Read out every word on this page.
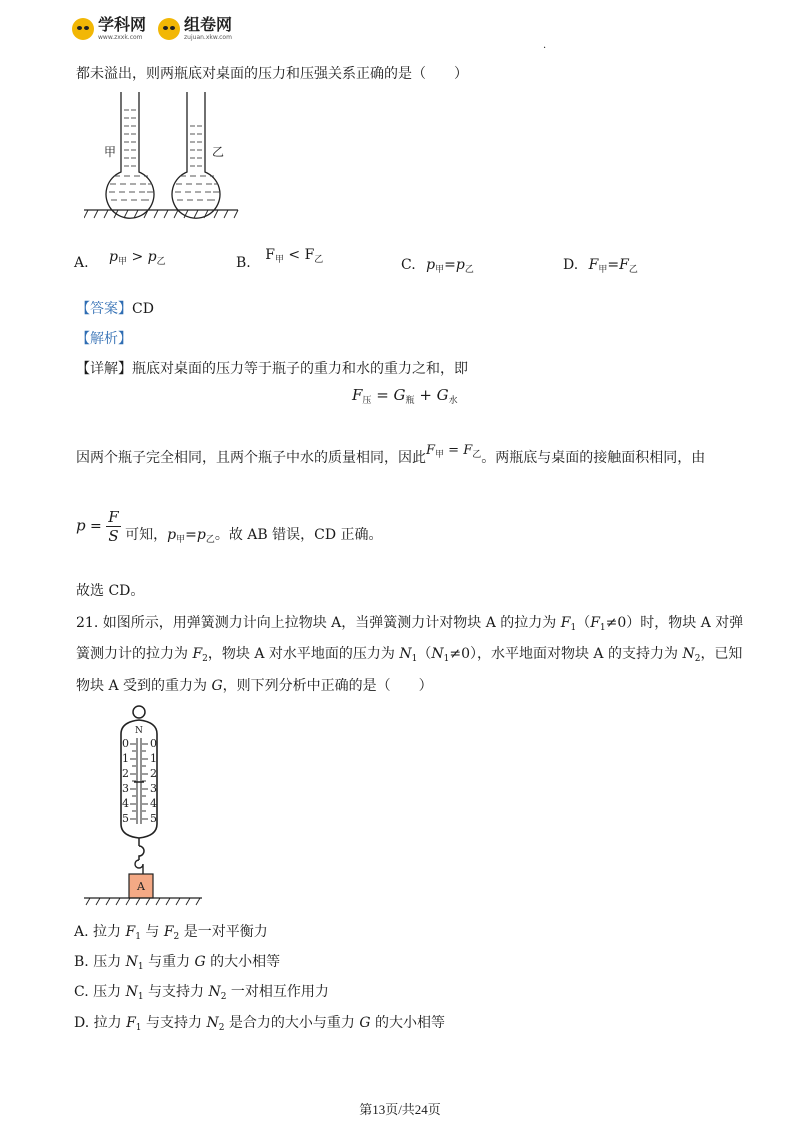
学科网
www.zxxk.com
组卷网
zujuan.xkw.com
.
都未溢出，则两瓶底对桌面的压力和压强关系正确的是（　　）
甲	乙
A. $p_甲 > p_乙$	B. $F_甲 < F_乙$	C. $p_甲=p_乙$	D. $F_甲=F_乙$
【答案】CD
【解析】
【详解】瓶底对桌面的压力等于瓶子的重力和水的重力之和，即
$F_压 = G_瓶 + G_水$
因两个瓶子完全相同，且两个瓶子中水的质量相同，因此$F_甲 = F_乙$。两瓶底与桌面的接触面积相同，由
$p = \frac{F}{S}$ 可知，$p_甲=p_乙$。故 AB 错误，CD 正确。
故选 CD。
21. 如图所示，用弹簧测力计向上拉物块 A，当弹簧测力计对物块 A 的拉力为 $F_1(F_1\ne 0)$时，物块 A 对弹
簧测力计的拉力为 $F_2$，物块 A 对水平地面的压力为 $N_1(N_1\ne 0)$，水平地面对物块 A 的支持力为 $N_2$，已知
物块 A 受到的重力为 G，则下列分析中正确的是（　　）
N
0
1
2
3
4
5
0
1
2
3
4
5
A
A. 拉力 $F_1$ 与 $F_2$ 是一对平衡力
B. 压力 $N_1$ 与重力 G 的大小相等
C. 压力 $N_1$ 与支持力 $N_2$ 一对相互作用力
D. 拉力 $F_1$ 与支持力 $N_2$ 是合力的大小与重力 G 的大小相等
第13页/共24页
